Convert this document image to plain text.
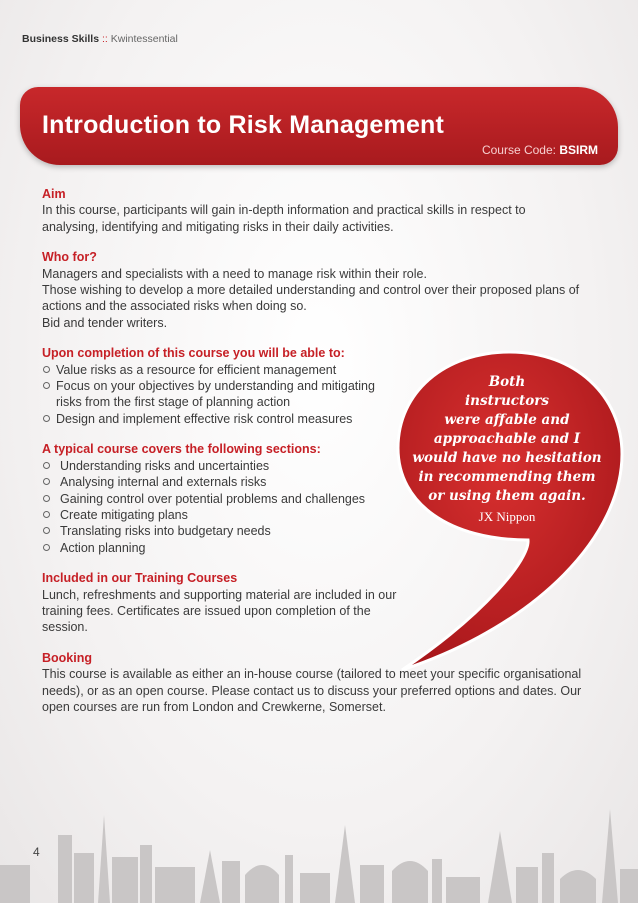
Business Skills :: Kwintessential
Introduction to Risk Management
Course Code: BSIRM

Aim

In this course, participants will gain in-depth information and practical skills in respect to analysing, identifying and mitigating risks in their daily activities.

Who for?

Managers and specialists with a need to manage risk within their role.

Those wishing to develop a more detailed understanding and control over their proposed plans of actions and the associated risks when doing so.

Bid and tender writers.

Upon completion of this course you will be able to:

Value risks as a resource for efficient management
Focus on your objectives by understanding and mitigating risks from the first stage of planning action
Design and implement effective risk control measures

A typical course covers the following sections:

Understanding risks and uncertainties
Analysing internal and externals risks
Gaining control over potential problems and challenges
Create mitigating plans
Translating risks into budgetary needs
Action planning

Included in our Training Courses

Lunch, refreshments and supporting material are included in our training fees. Certificates are issued upon completion of the session.

Booking

This course is available as either an in-house course (tailored to meet your specific organisational needs), or as an open course. Please contact us to discuss your preferred options and dates. Our open courses are run from London and Crewkerne, Somerset.

Both
instructors
were affable and
approachable and I
would have no hesitation
in recommending them
or using them again.
JX Nippon
4
